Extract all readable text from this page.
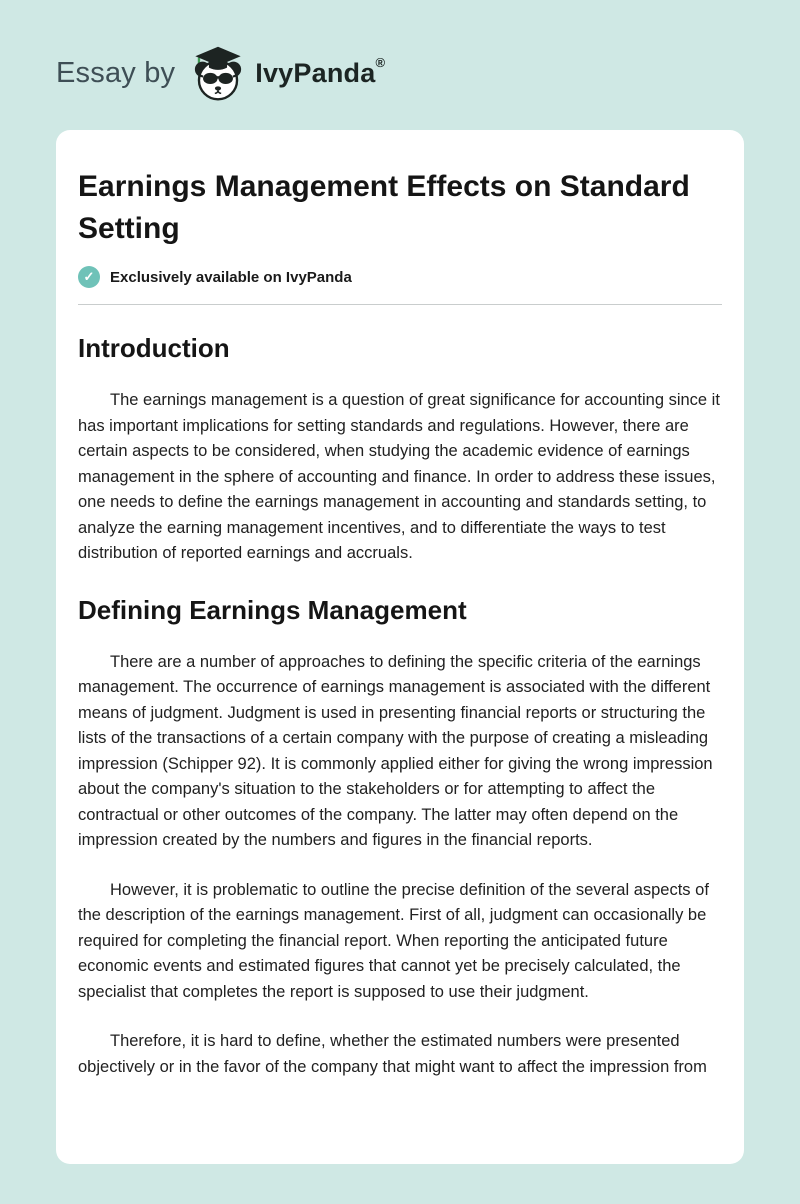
Essay by	IvyPanda®
Earnings Management Effects on Standard Setting
✓	Exclusively available on IvyPanda
Introduction

The earnings management is a question of great significance for accounting since it has important implications for setting standards and regulations. However, there are certain aspects to be considered, when studying the academic evidence of earnings management in the sphere of accounting and finance. In order to address these issues, one needs to define the earnings management in accounting and standards setting, to analyze the earning management incentives, and to differentiate the ways to test distribution of reported earnings and accruals.

Defining Earnings Management

There are a number of approaches to defining the specific criteria of the earnings management. The occurrence of earnings management is associated with the different means of judgment. Judgment is used in presenting financial reports or structuring the lists of the transactions of a certain company with the purpose of creating a misleading impression (Schipper 92). It is commonly applied either for giving the wrong impression about the company's situation to the stakeholders or for attempting to affect the contractual or other outcomes of the company. The latter may often depend on the impression created by the numbers and figures in the financial reports.

However, it is problematic to outline the precise definition of the several aspects of the description of the earnings management. First of all, judgment can occasionally be required for completing the financial report. When reporting the anticipated future economic events and estimated figures that cannot yet be precisely calculated, the specialist that completes the report is supposed to use their judgment.

Therefore, it is hard to define, whether the estimated numbers were presented objectively or in the favor of the company that might want to affect the impression from
